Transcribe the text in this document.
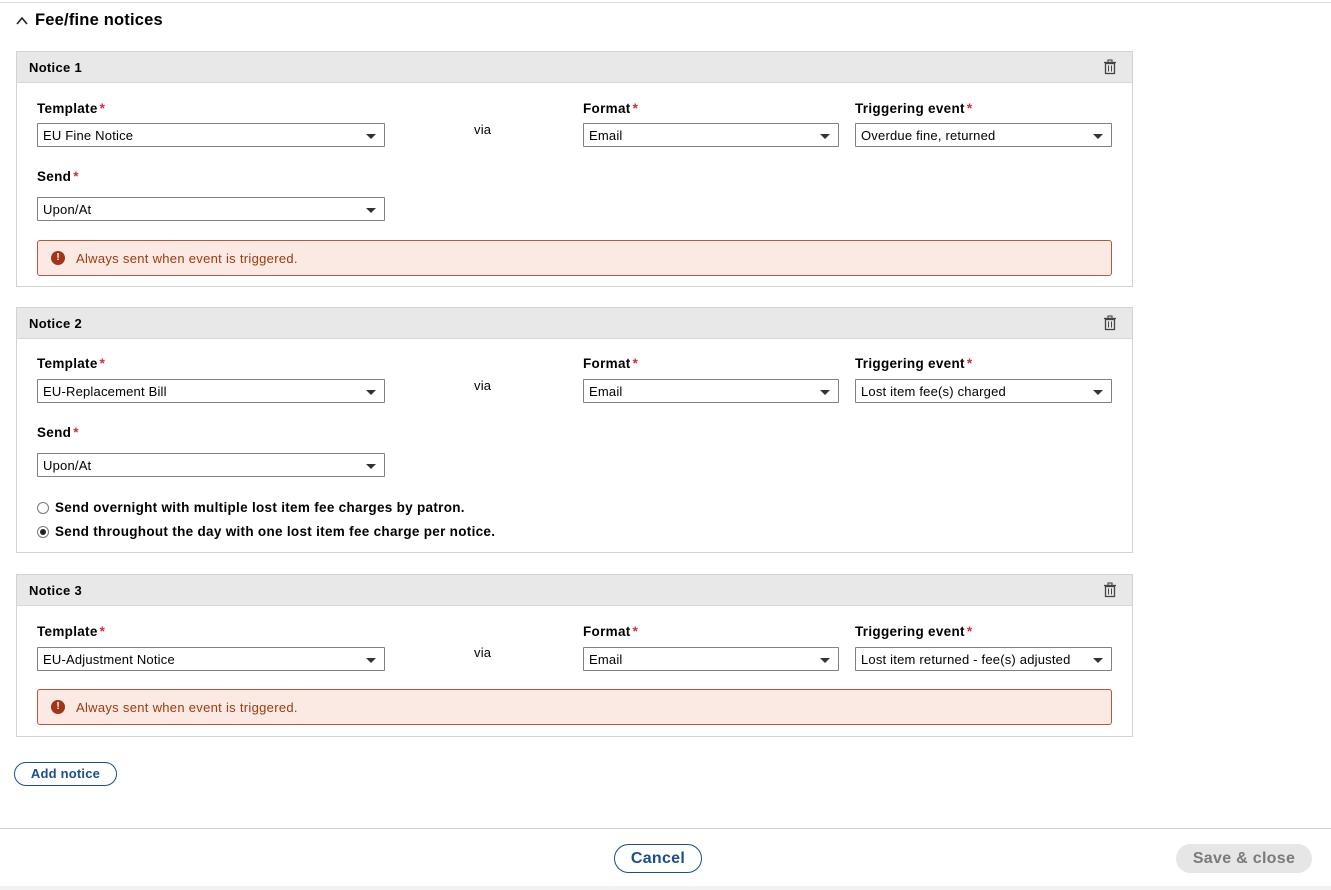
Fee/fine notices
Notice 1
Template *
EU Fine Notice	via
Format *
Email
Triggering event *
Overdue fine, returned
Send *
Upon/At
!	Always sent when event is triggered.
Notice 2
Template *
EU-Replacement Bill	via
Format *
Email
Triggering event *
Lost item fee(s) charged
Send *
Upon/At
Send overnight with multiple lost item fee charges by patron.
Send throughout the day with one lost item fee charge per notice.
Notice 3
Template *
EU-Adjustment Notice	via
Format *
Email
Triggering event *
Lost item returned - fee(s) adjusted
!	Always sent when event is triggered.
Add notice
Cancel	Save & close
